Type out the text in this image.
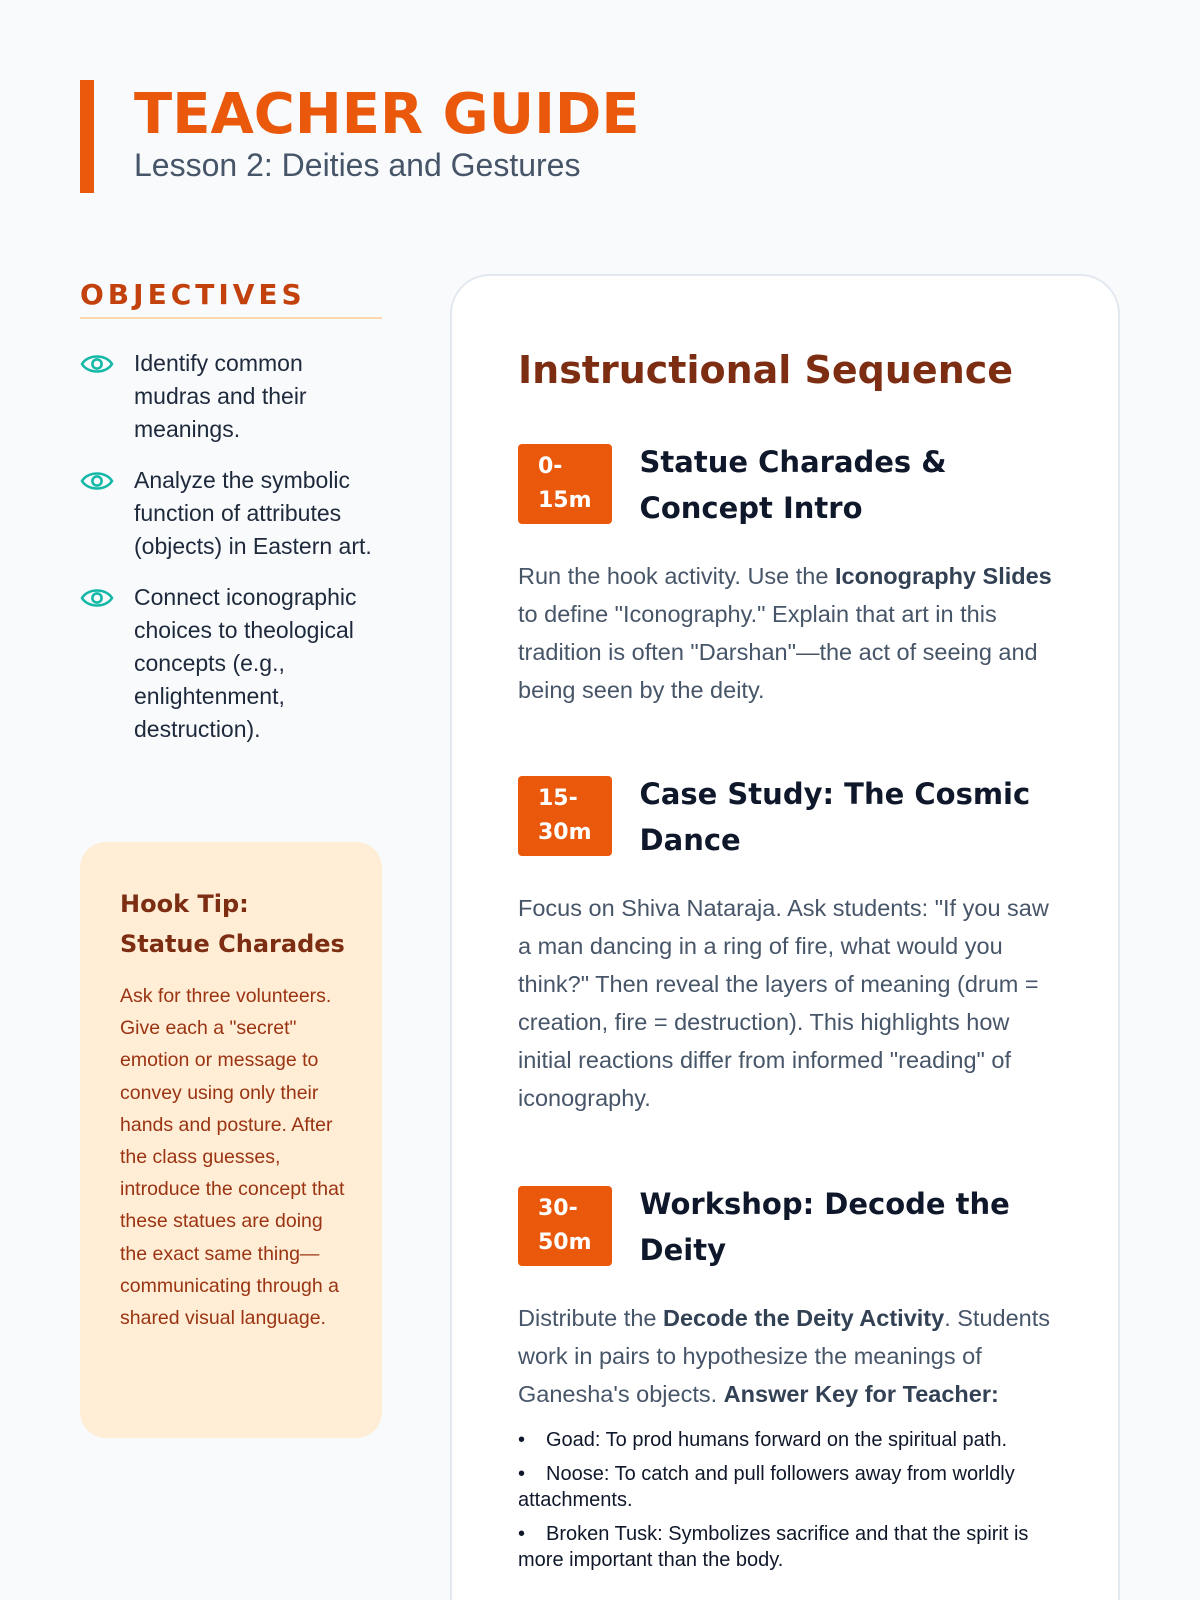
TEACHER GUIDE
Lesson 2: Deities and Gestures
OBJECTIVES
Identify common mudras and their meanings.
Analyze the symbolic function of attributes (objects) in Eastern art.
Connect iconographic choices to theological concepts (e.g., enlightenment, destruction).
Hook Tip: Statue Charades

Ask for three volunteers. Give each a "secret" emotion or message to convey using only their hands and posture. After the class guesses, introduce the concept that these statues are doing the exact same thing—communicating through a shared visual language.

Instructional Sequence
0-
15m
Statue Charades & Concept Intro
Run the hook activity. Use the Iconography Slides to define "Iconography." Explain that art in this tradition is often "Darshan"—the act of seeing and being seen by the deity.
15-
30m
Case Study: The Cosmic Dance
Focus on Shiva Nataraja. Ask students: "If you saw a man dancing in a ring of fire, what would you think?" Then reveal the layers of meaning (drum = creation, fire = destruction). This highlights how initial reactions differ from informed "reading" of iconography.
30-
50m
Workshop: Decode the Deity
Distribute the Decode the Deity Activity. Students work in pairs to hypothesize the meanings of Ganesha's objects. Answer Key for Teacher:
• Goad: To prod humans forward on the spiritual path.
• Noose: To catch and pull followers away from worldly attachments.
• Broken Tusk: Symbolizes sacrifice and that the spirit is more important than the body.
